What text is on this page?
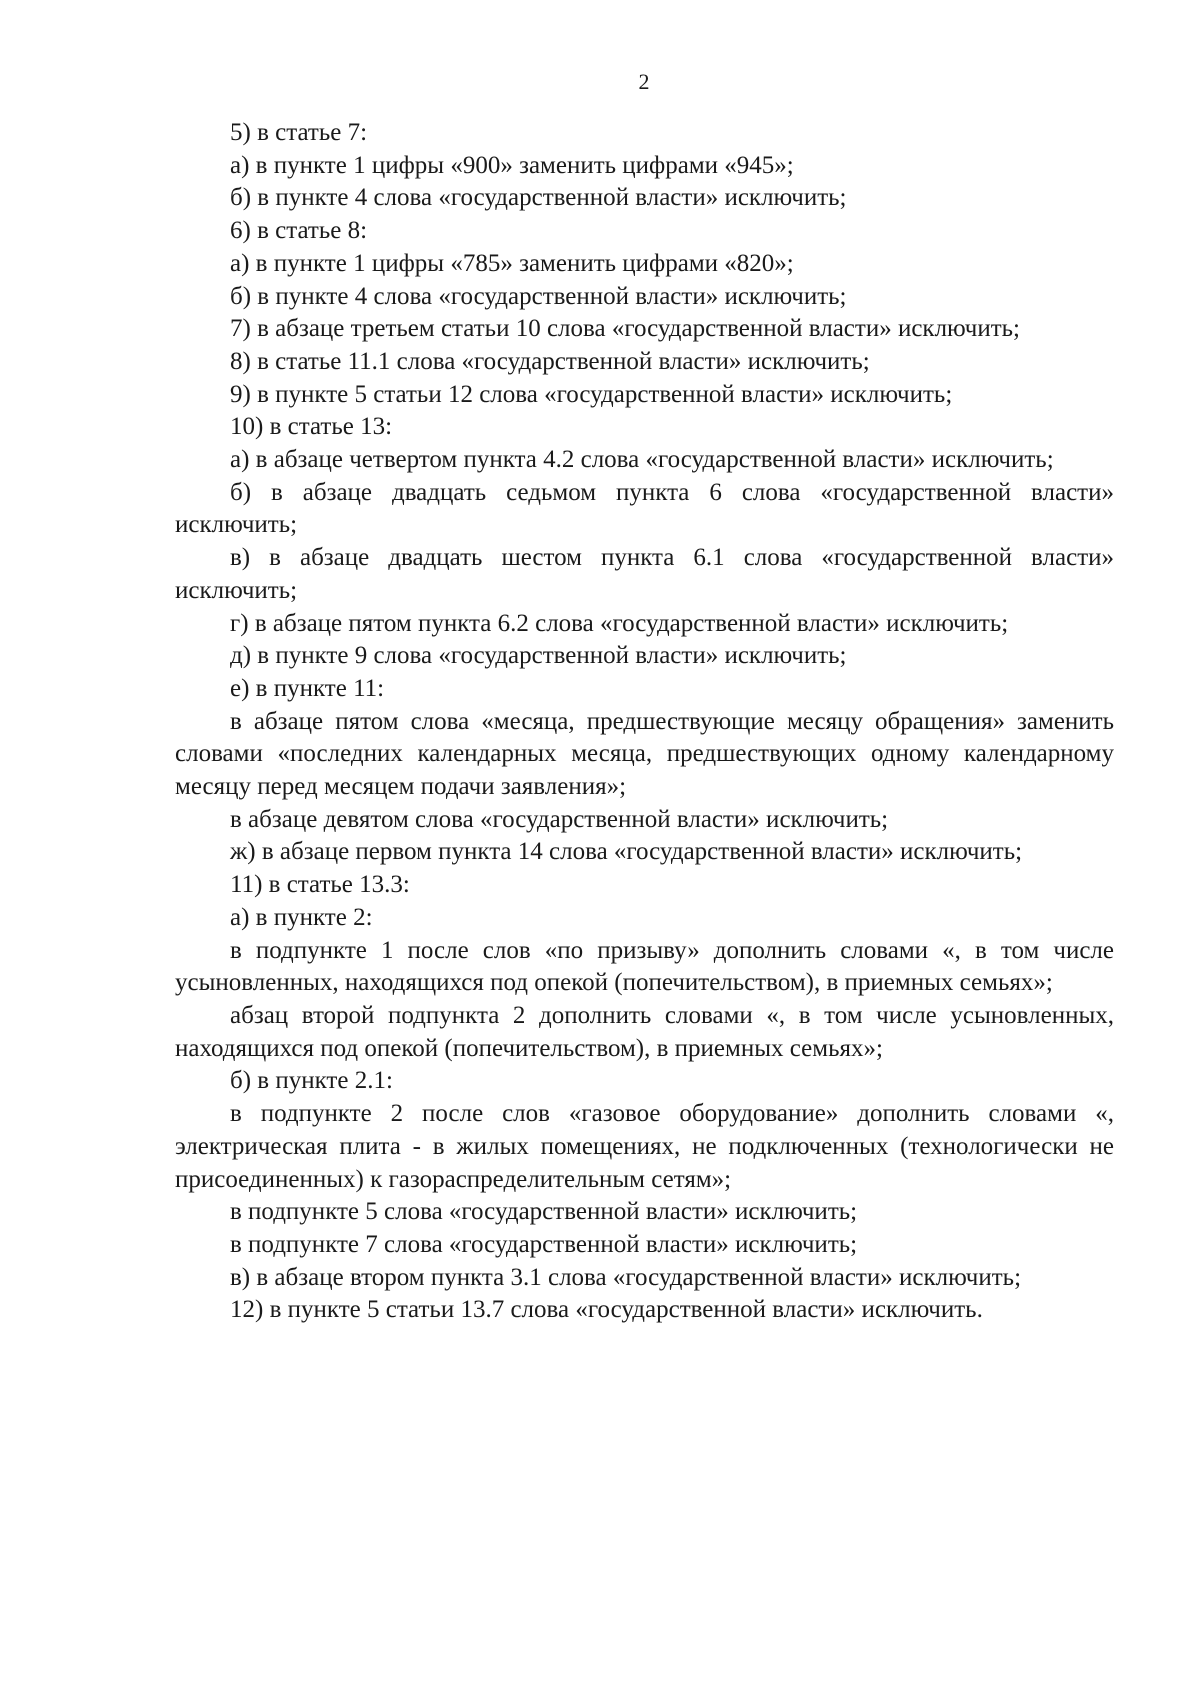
2

5) в статье 7:

а) в пункте 1 цифры «900» заменить цифрами «945»;

б) в пункте 4 слова «государственной власти» исключить;

6) в статье 8:

а) в пункте 1 цифры «785» заменить цифрами «820»;

б) в пункте 4 слова «государственной власти» исключить;

7) в абзаце третьем статьи 10 слова «государственной власти» исключить;

8) в статье 11.1 слова «государственной власти» исключить;

9) в пункте 5 статьи 12 слова «государственной власти» исключить;

10) в статье 13:

а) в абзаце четвертом пункта 4.2 слова «государственной власти» исключить;

б) в абзаце двадцать седьмом пункта 6 слова «государственной власти» исключить;

в) в абзаце двадцать шестом пункта 6.1 слова «государственной власти» исключить;

г) в абзаце пятом пункта 6.2 слова «государственной власти» исключить;

д) в пункте 9 слова «государственной власти» исключить;

е) в пункте 11:

в абзаце пятом слова «месяца, предшествующие месяцу обращения» заменить словами «последних календарных месяца, предшествующих одному календарному месяцу перед месяцем подачи заявления»;

в абзаце девятом слова «государственной власти» исключить;

ж) в абзаце первом пункта 14 слова «государственной власти» исключить;

11) в статье 13.3:

а) в пункте 2:

в подпункте 1 после слов «по призыву» дополнить словами «, в том числе усыновленных, находящихся под опекой (попечительством), в приемных семьях»;

абзац второй подпункта 2 дополнить словами «, в том числе усыновленных, находящихся под опекой (попечительством), в приемных семьях»;

б) в пункте 2.1:

в подпункте 2 после слов «газовое оборудование» дополнить словами «, электрическая плита - в жилых помещениях, не подключенных (технологически не присоединенных) к газораспределительным сетям»;

в подпункте 5 слова «государственной власти» исключить;

в подпункте 7 слова «государственной власти» исключить;

в) в абзаце втором пункта 3.1 слова «государственной власти» исключить;

12) в пункте 5 статьи 13.7 слова «государственной власти» исключить.
